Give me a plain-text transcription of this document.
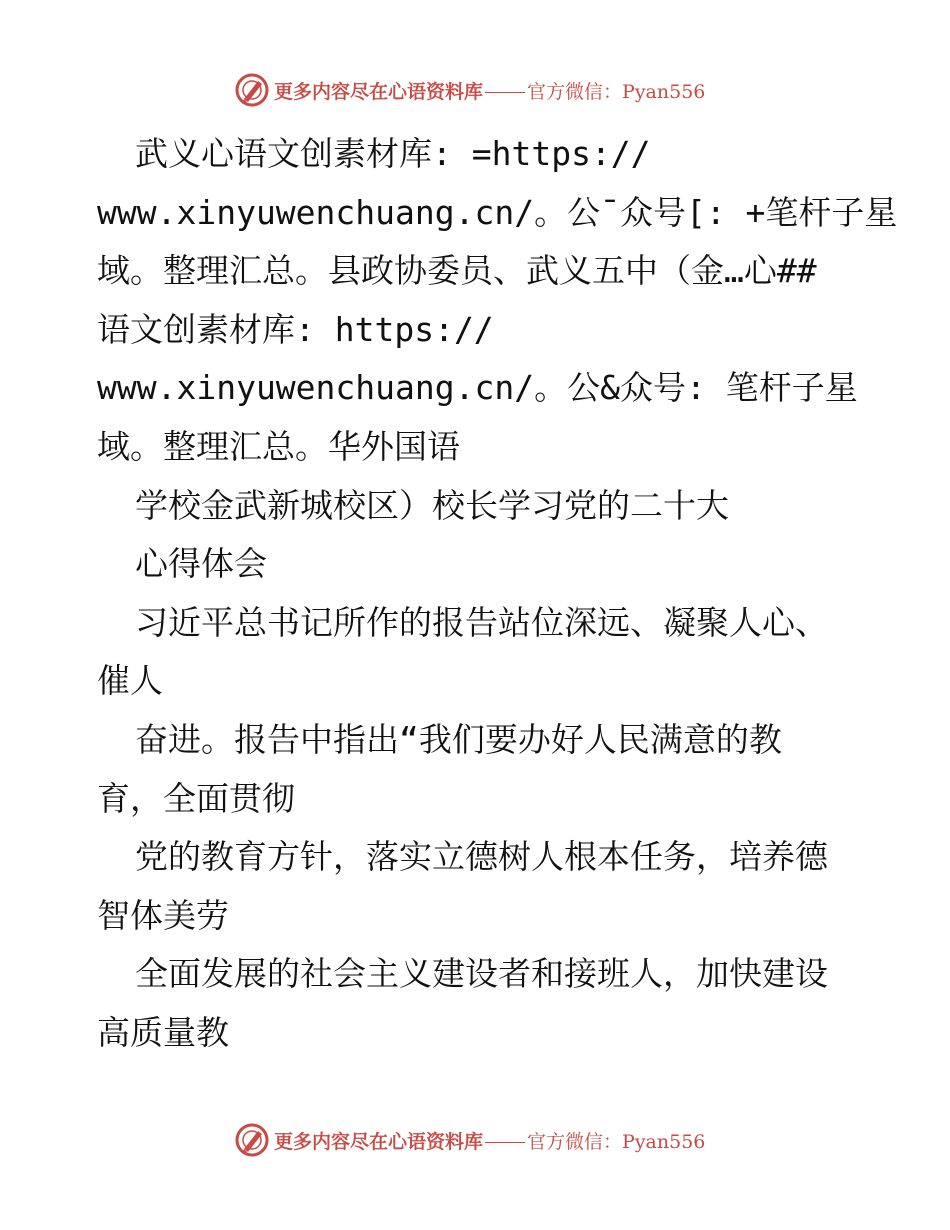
更多内容尽在心语资料库 官方微信：Pyan556
武义心语文创素材库: =https://
www.xinyuwenchuang.cn/。公¯众号[: +笔杆子星
域。整理汇总。县政协委员、武义五中（金…心##
语文创素材库: https://
www.xinyuwenchuang.cn/。公&众号: 笔杆子星
域。整理汇总。华外国语
学校金武新城校区）校长学习党的二十大
心得体会
习近平总书记所作的报告站位深远、凝聚人心、
催人
奋进。报告中指出“我们要办好人民满意的教
育，全面贯彻
党的教育方针，落实立德树人根本任务，培养德
智体美劳
全面发展的社会主义建设者和接班人，加快建设
高质量教
更多内容尽在心语资料库 官方微信：Pyan556
